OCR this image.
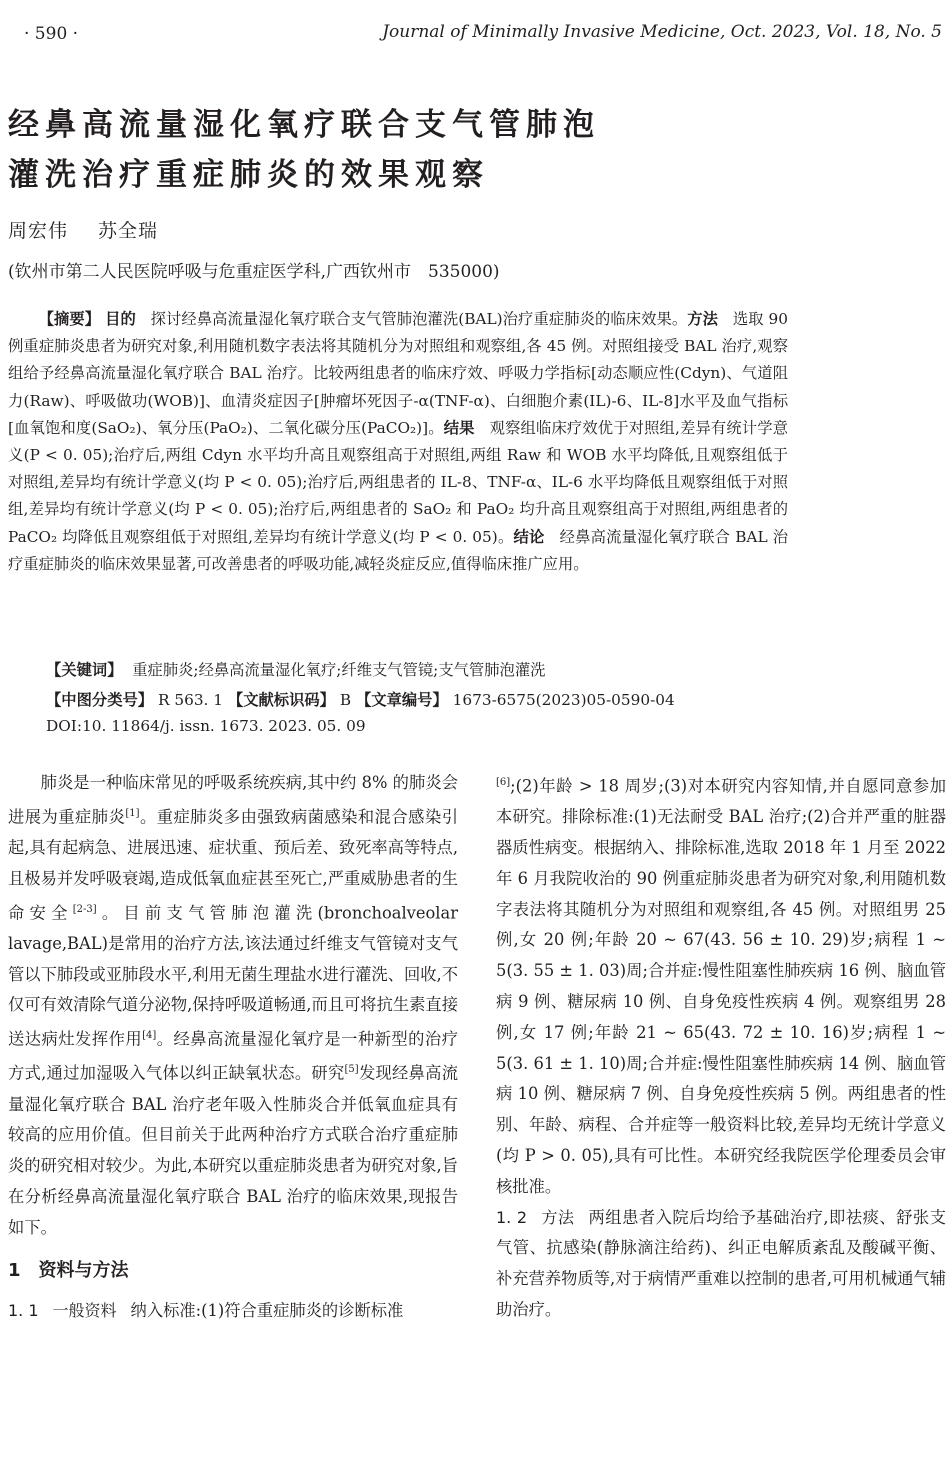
· 590 ·	Journal of Minimally Invasive Medicine, Oct. 2023, Vol. 18, No. 5
经鼻高流量湿化氧疗联合支气管肺泡
灌洗治疗重症肺炎的效果观察
周宏伟 苏全瑞
(钦州市第二人民医院呼吸与危重症医学科,广西钦州市　535000)

【摘要】 目的 探讨经鼻高流量湿化氧疗联合支气管肺泡灌洗(BAL)治疗重症肺炎的临床效果。方法 选取 90 例重症肺炎患者为研究对象,利用随机数字表法将其随机分为对照组和观察组,各 45 例。对照组接受 BAL 治疗,观察组给予经鼻高流量湿化氧疗联合 BAL 治疗。比较两组患者的临床疗效、呼吸力学指标[动态顺应性(Cdyn)、气道阻力(Raw)、呼吸做功(WOB)]、血清炎症因子[肿瘤坏死因子-α(TNF-α)、白细胞介素(IL)-6、IL-8]水平及血气指标[血氧饱和度(SaO₂)、氧分压(PaO₂)、二氧化碳分压(PaCO₂)]。结果 观察组临床疗效优于对照组,差异有统计学意义(P < 0. 05);治疗后,两组 Cdyn 水平均升高且观察组高于对照组,两组 Raw 和 WOB 水平均降低,且观察组低于对照组,差异均有统计学意义(均 P < 0. 05);治疗后,两组患者的 IL-8、TNF-α、IL-6 水平均降低且观察组低于对照组,差异均有统计学意义(均 P < 0. 05);治疗后,两组患者的 SaO₂ 和 PaO₂ 均升高且观察组高于对照组,两组患者的 PaCO₂ 均降低且观察组低于对照组,差异均有统计学意义(均 P < 0. 05)。结论 经鼻高流量湿化氧疗联合 BAL 治疗重症肺炎的临床效果显著,可改善患者的呼吸功能,减轻炎症反应,值得临床推广应用。

【关键词】 重症肺炎;经鼻高流量湿化氧疗;纤维支气管镜;支气管肺泡灌洗
【中图分类号】 R 563. 1 【文献标识码】 B 【文章编号】 1673-6575(2023)05-0590-04
DOI:10. 11864/j. issn. 1673. 2023. 05. 09

肺炎是一种临床常见的呼吸系统疾病,其中约 8% 的肺炎会进展为重症肺炎[1]。重症肺炎多由强致病菌感染和混合感染引起,具有起病急、进展迅速、症状重、预后差、致死率高等特点,且极易并发呼吸衰竭,造成低氧血症甚至死亡,严重威胁患者的生命安全[2-3]。目前支气管肺泡灌洗(bronchoalveolar lavage,BAL)是常用的治疗方法,该法通过纤维支气管镜对支气管以下肺段或亚肺段水平,利用无菌生理盐水进行灌洗、回收,不仅可有效清除气道分泌物,保持呼吸道畅通,而且可将抗生素直接送达病灶发挥作用[4]。经鼻高流量湿化氧疗是一种新型的治疗方式,通过加湿吸入气体以纠正缺氧状态。研究[5]发现经鼻高流量湿化氧疗联合 BAL 治疗老年吸入性肺炎合并低氧血症具有较高的应用价值。但目前关于此两种治疗方式联合治疗重症肺炎的研究相对较少。为此,本研究以重症肺炎患者为研究对象,旨在分析经鼻高流量湿化氧疗联合 BAL 治疗的临床效果,现报告如下。

1　资料与方法

1. 1 一般资料 纳入标准:(1)符合重症肺炎的诊断标准

[6];(2)年龄 > 18 周岁;(3)对本研究内容知情,并自愿同意参加本研究。排除标准:(1)无法耐受 BAL 治疗;(2)合并严重的脏器器质性病变。根据纳入、排除标准,选取 2018 年 1 月至 2022 年 6 月我院收治的 90 例重症肺炎患者为研究对象,利用随机数字表法将其随机分为对照组和观察组,各 45 例。对照组男 25 例,女 20 例;年龄 20 ~ 67(43. 56 ± 10. 29)岁;病程 1 ~ 5(3. 55 ± 1. 03)周;合并症:慢性阻塞性肺疾病 16 例、脑血管病 9 例、糖尿病 10 例、自身免疫性疾病 4 例。观察组男 28 例,女 17 例;年龄 21 ~ 65(43. 72 ± 10. 16)岁;病程 1 ~ 5(3. 61 ± 1. 10)周;合并症:慢性阻塞性肺疾病 14 例、脑血管病 10 例、糖尿病 7 例、自身免疫性疾病 5 例。两组患者的性别、年龄、病程、合并症等一般资料比较,差异均无统计学意义(均 P > 0. 05),具有可比性。本研究经我院医学伦理委员会审核批准。

1. 2 方法 两组患者入院后均给予基础治疗,即祛痰、舒张支气管、抗感染(静脉滴注给药)、纠正电解质紊乱及酸碱平衡、补充营养物质等,对于病情严重难以控制的患者,可用机械通气辅助治疗。
